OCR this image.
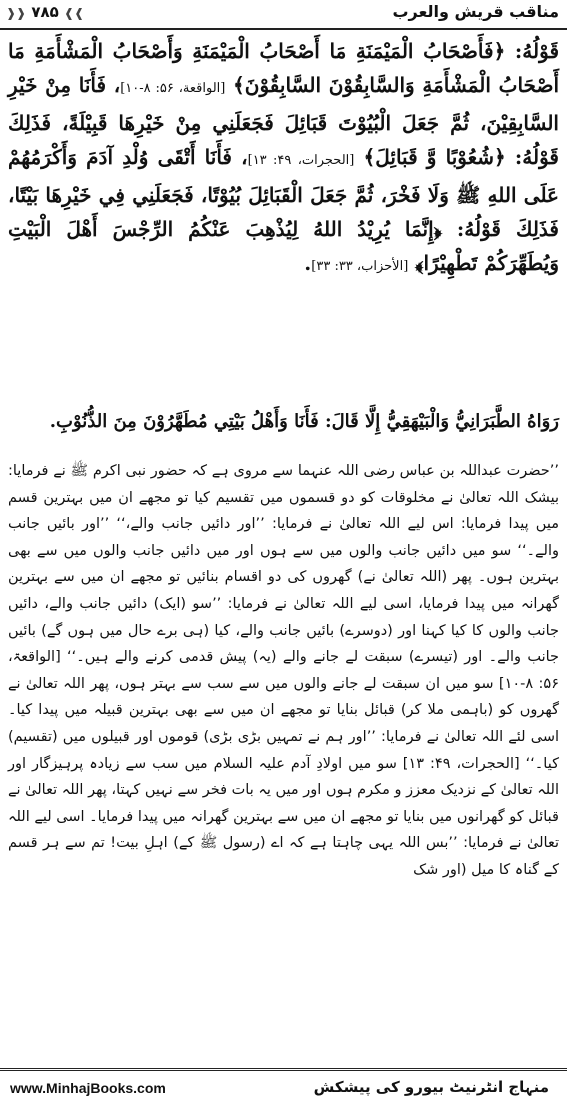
❱❱ ۷۸۵ ❰❰	مناقب قریش والعرب
قَوْلُهُ: ﴿فَأَصْحَابُ الْمَيْمَنَةِ مَا أَصْحَابُ الْمَيْمَنَةِ وَأَصْحَابُ الْمَشْأَمَةِ مَا أَصْحَابُ الْمَشْأَمَةِ وَالسَّابِقُوْنَ السَّابِقُوْنَ﴾ [الواقعة، ۵۶: ۸-۱۰]، فَأَنَا مِنْ خَيْرِ السَّابِقِيْنَ، ثُمَّ جَعَلَ الْبُيُوْتَ قَبَائِلَ فَجَعَلَنِي مِنْ خَيْرِهَا قَبِيْلَةً، فَذَلِكَ قَوْلُهُ: ﴿شُعُوْبًا وَّ قَبَائِلَ﴾ [الحجرات، ۴۹: ۱۳]، فَأَنَا أَتْقَى وُلْدِ آدَمَ وَأَكْرَمُهُمْ عَلَى اللهِ ﷺ وَلَا فَخْرَ، ثُمَّ جَعَلَ الْقَبَائِلَ بُيُوْتًا، فَجَعَلَنِي فِي خَيْرِهَا بَيْتًا، فَذَلِكَ قَوْلُهُ: ﴿إِنَّمَا يُرِيْدُ اللهُ لِيُذْهِبَ عَنْكُمُ الرِّجْسَ أَهْلَ الْبَيْتِ وَيُطَهِّرَكُمْ تَطْهِيْرًا﴾ [الأحزاب، ۳۳: ۳۳].
رَوَاهُ الطَّبَرَانِيُّ وَالْبَيْهَقِيُّ إِلَّا قَالَ: فَأَنَا وَأَهْلُ بَيْتِي مُطَهَّرُوْنَ مِنَ الذُّنُوْبِ.
’’حضرت عبداللہ بن عباس رضی اللہ عنہما سے مروی ہے کہ حضور نبی اکرم ﷺ نے فرمایا: بیشک اللہ تعالیٰ نے مخلوقات کو دو قسموں میں تقسیم کیا تو مجھے ان میں بہترین قسم میں پیدا فرمایا: اس لیے اللہ تعالیٰ نے فرمایا: ’’اور دائیں جانب والے،‘‘ ’’اور بائیں جانب والے۔‘‘ سو میں دائیں جانب والوں میں سے ہوں اور میں دائیں جانب والوں میں سے بھی بہترین ہوں۔ پھر (اللہ تعالیٰ نے) گھروں کی دو اقسام بنائیں تو مجھے ان میں سے بہترین گھرانہ میں پیدا فرمایا، اسی لیے اللہ تعالیٰ نے فرمایا: ’’سو (ایک) دائیں جانب والے، دائیں جانب والوں کا کیا کہنا اور (دوسرے) بائیں جانب والے، کیا (ہی برے حال میں ہوں گے) بائیں جانب والے۔ اور (تیسرے) سبقت لے جانے والے (یہ) پیش قدمی کرنے والے ہیں۔‘‘ [الواقعۃ، ۵۶: ۸-۱۰] سو میں ان سبقت لے جانے والوں میں سے سب سے بہتر ہوں، پھر اللہ تعالیٰ نے گھروں کو (باہمی ملا کر) قبائل بنایا تو مجھے ان میں سے بھی بہترین قبیلہ میں پیدا کیا۔ اسی لئے اللہ تعالیٰ نے فرمایا: ’’اور ہم نے تمہیں بڑی بڑی) قوموں اور قبیلوں میں (تقسیم) کیا۔‘‘ [الحجرات، ۴۹: ۱۳] سو میں اولادِ آدم علیہ السلام میں سب سے زیادہ پرہیزگار اور اللہ تعالیٰ کے نزدیک معزز و مکرم ہوں اور میں یہ بات فخر سے نہیں کہتا، پھر اللہ تعالیٰ نے قبائل کو گھرانوں میں بنایا تو مجھے ان میں سے بہترین گھرانہ میں پیدا فرمایا۔ اسی لیے اللہ تعالیٰ نے فرمایا: ’’بس اللہ یہی چاہتا ہے کہ اے (رسول ﷺ کے) اہلِ بیت! تم سے ہر قسم کے گناہ کا میل (اور شک
www.MinhajBooks.com	منہاج انٹرنیٹ بیورو کی پیشکش
